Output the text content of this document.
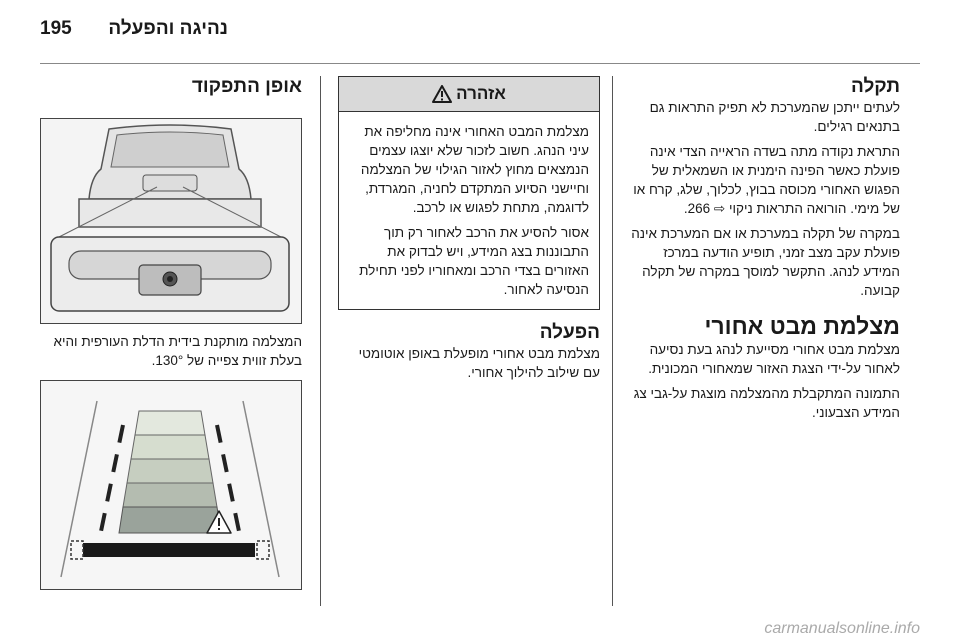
195 נהיגה והפעלה
תקלה

לעתים ייתכן שהמערכת לא תפיק התראות גם בתנאים רגילים.

התראת נקודה מתה בשדה הראייה הצדי אינה פועלת כאשר הפינה הימנית או השמאלית של הפגוש האחורי מכוסה בבוץ, לכלוך, שלג, קרח או של מימי. הורואה התראות ניקוי ⇨ 266.

במקרה של תקלה במערכת או אם המערכת אינה פועלת עקב מצב זמני, תופיע הודעה במרכז המידע לנהג. התקשר למוסך במקרה של תקלה קבועה.

מצלמת מבט אחורי

מצלמת מבט אחורי מסייעת לנהג בעת נסיעה לאחור על-ידי הצגת האזור שמאחורי המכונית.

התמונה המתקבלת מהמצלמה מוצגת על-גבי צג המידע הצבעוני.

אזהרה

מצלמת המבט האחורי אינה מחליפה את עיני הנהג. חשוב לזכור שלא יוצגו עצמים הנמצאים מחוץ לאזור הגילוי של המצלמה וחיישני הסיוע המתקדם לחניה, המגרדת, לדוגמה, מתחת לפגוש או לרכב.

אסור להסיע את הרכב לאחור רק תוך התבוננות בצג המידע, ויש לבדוק את האזורים בצדי הרכב ומאחוריו לפני תחילת הנסיעה לאחור.

הפעלה

מצלמת מבט אחורי מופעלת באופן אוטומטי עם שילוב להילוך אחורי.

אופן התפקוד

המצלמה מותקנת בידית הדלת העורפית והיא בעלת זווית צפייה של 130°.

carmanualsonline.info
